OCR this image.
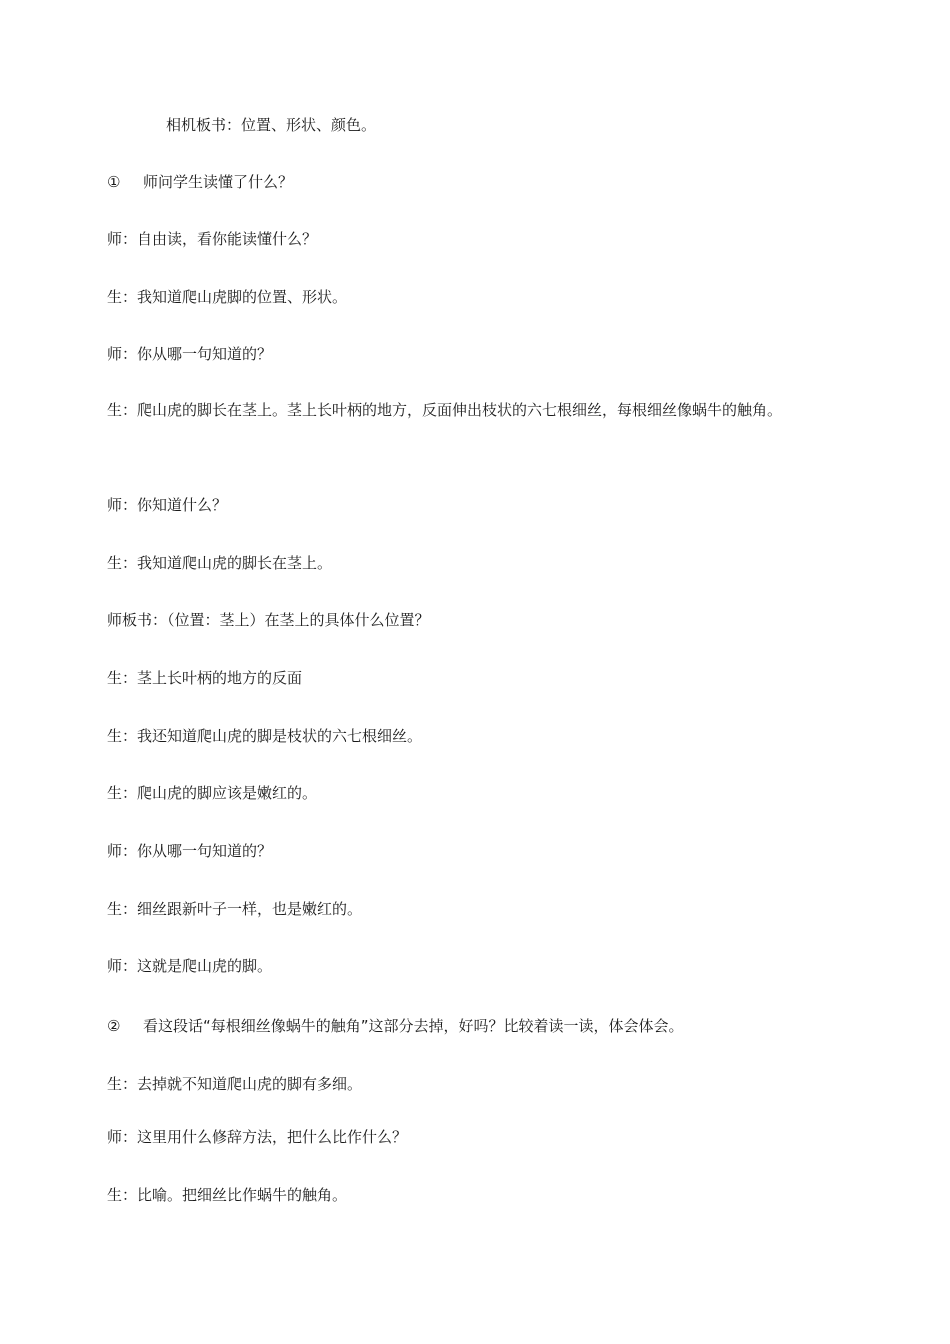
相机板书：位置、形状、颜色。
① 师问学生读懂了什么？
师：自由读，看你能读懂什么？
生：我知道爬山虎脚的位置、形状。
师：你从哪一句知道的？
生：爬山虎的脚长在茎上。茎上长叶柄的地方，反面伸出枝状的六七根细丝，每根细丝像蜗牛的触角。
师：你知道什么？
生：我知道爬山虎的脚长在茎上。
师板书：（位置：茎上）在茎上的具体什么位置？
生：茎上长叶柄的地方的反面
生：我还知道爬山虎的脚是枝状的六七根细丝。
生：爬山虎的脚应该是嫩红的。
师：你从哪一句知道的？
生：细丝跟新叶子一样，也是嫩红的。
师：这就是爬山虎的脚。
② 看这段话“每根细丝像蜗牛的触角”这部分去掉，好吗？比较着读一读，体会体会。
生：去掉就不知道爬山虎的脚有多细。
师：这里用什么修辞方法，把什么比作什么？
生：比喻。把细丝比作蜗牛的触角。
